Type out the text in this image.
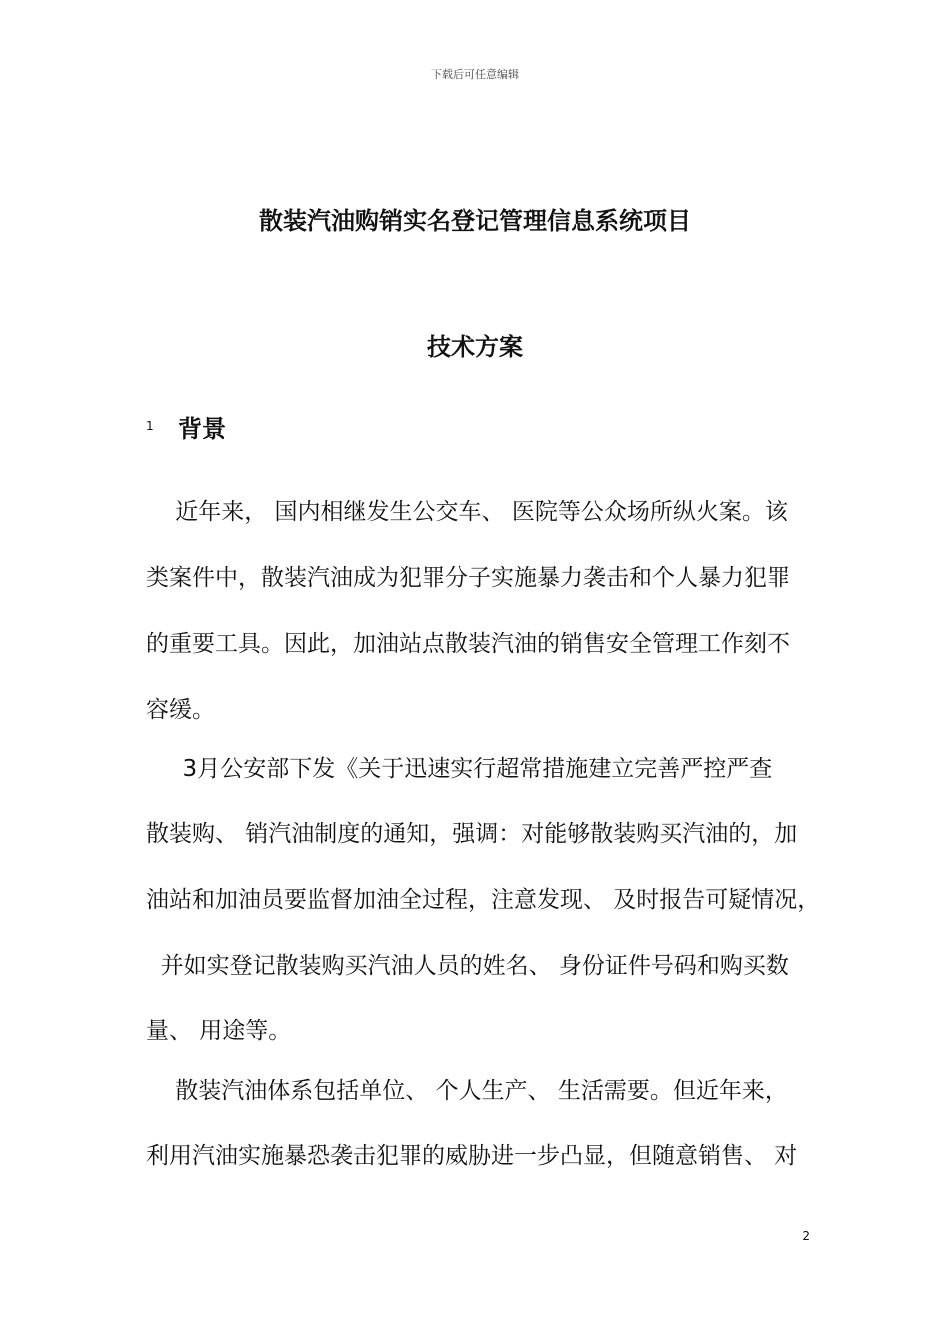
下载后可任意编辑
散装汽油购销实名登记管理信息系统项目
技术方案
1	背景
近年来， 国内相继发生公交车、 医院等公众场所纵火案。该
类案件中，散装汽油成为犯罪分子实施暴力袭击和个人暴力犯罪
的重要工具。因此，加油站点散装汽油的销售安全管理工作刻不
容缓。
3月公安部下发《关于迅速实行超常措施建立完善严控严查
散装购、 销汽油制度的通知，强调：对能够散装购买汽油的，加
油站和加油员要监督加油全过程，注意发现、 及时报告可疑情况，
并如实登记散装购买汽油人员的姓名、 身份证件号码和购买数
量、 用途等。
散装汽油体系包括单位、 个人生产、 生活需要。但近年来，
利用汽油实施暴恐袭击犯罪的威胁进一步凸显，但随意销售、 对
2
